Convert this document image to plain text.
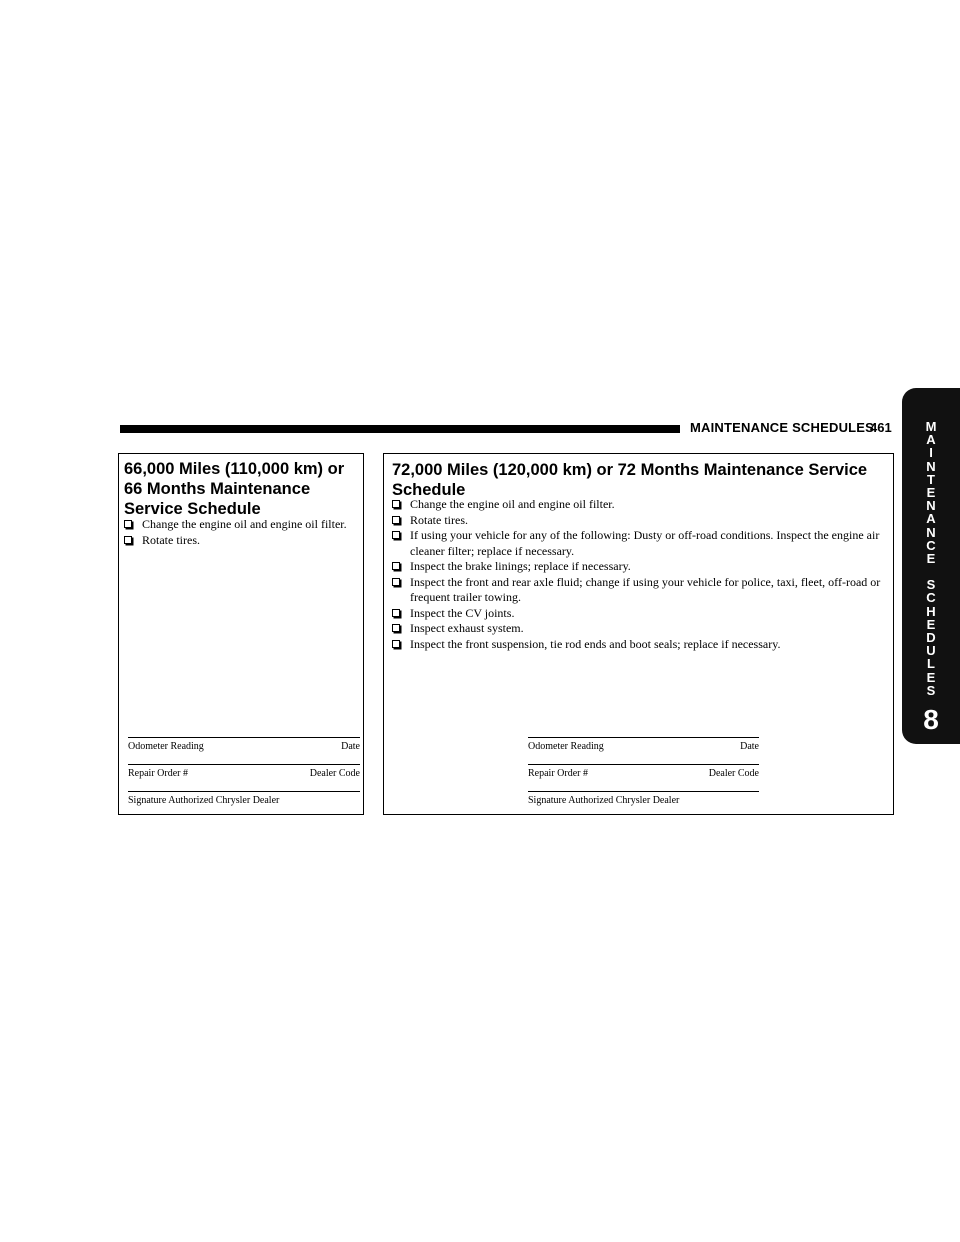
MAINTENANCE SCHEDULES
461	M
A
I
N
T
E
N
A
N
C
E
S
C
H
E
D
U
L
E
S
8
66,000 Miles (110,000 km) or 66 Months Maintenance Service Schedule
Change the engine oil and engine oil filter.
Rotate tires.
Odometer Reading	Date
Repair Order #	Dealer Code
Signature Authorized Chrysler Dealer
72,000 Miles (120,000 km) or 72 Months Maintenance Service Schedule
Change the engine oil and engine oil filter.
Rotate tires.
If using your vehicle for any of the following: Dusty or off-road conditions. Inspect the engine air cleaner filter; replace if necessary.
Inspect the brake linings; replace if necessary.
Inspect the front and rear axle fluid; change if using your vehicle for police, taxi, fleet, off-road or frequent trailer towing.
Inspect the CV joints.
Inspect exhaust system.
Inspect the front suspension, tie rod ends and boot seals; replace if necessary.
Odometer Reading	Date
Repair Order #	Dealer Code
Signature Authorized Chrysler Dealer
